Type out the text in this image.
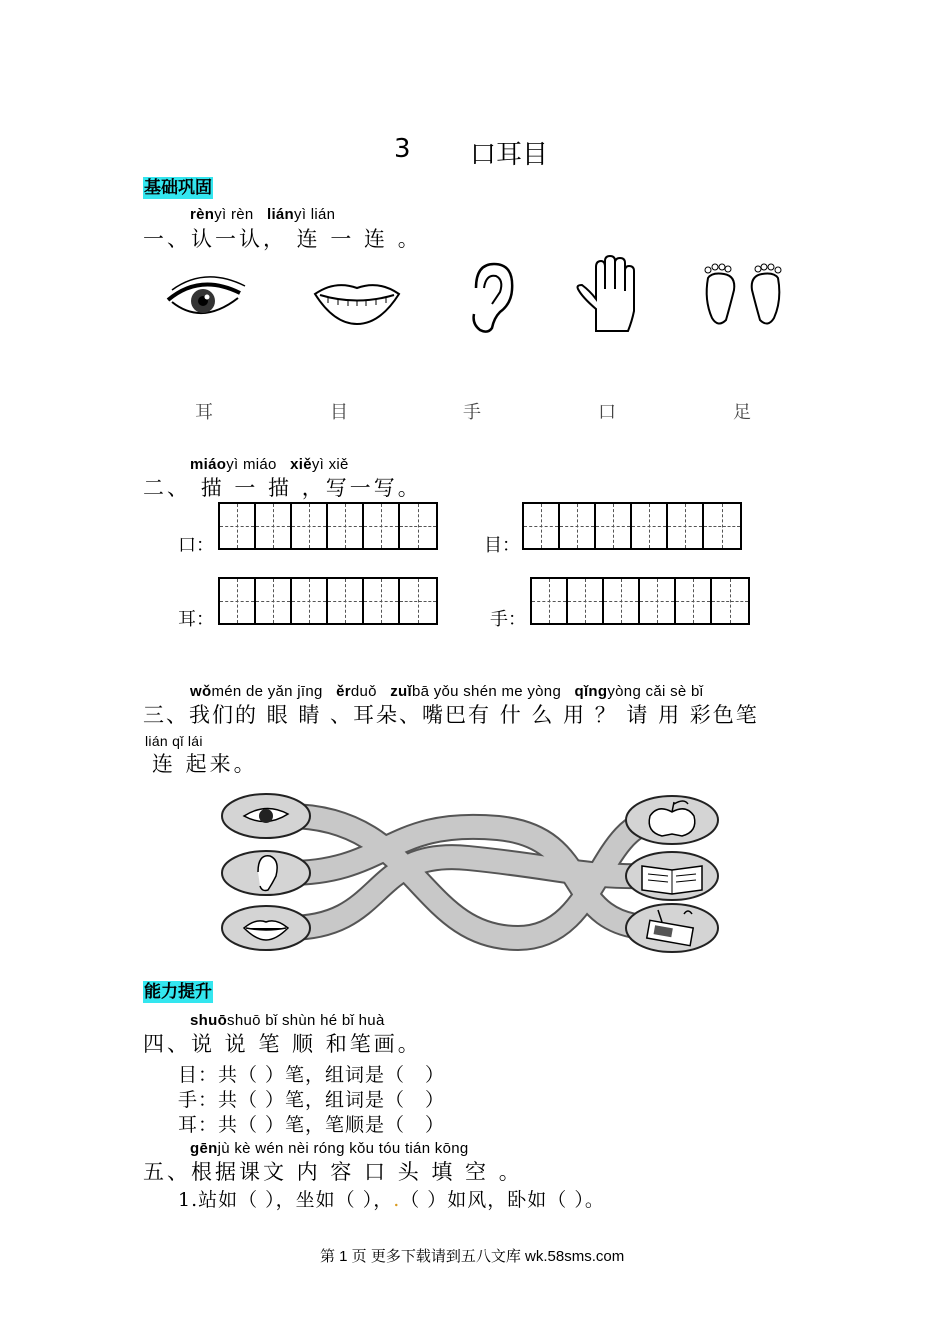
3 口耳目
基础巩固
rènyì rèn liányì lián
一、认一认， 连 一 连 。
耳	目	手	口	足
miáoyì miáo xiěyì xiě
二、 描 一 描 ，写一写。
口：	目：
耳：	手：
wǒmén de yǎn jīng ěrduǒ zuǐbā yǒu shén me yòng qǐngyòng cǎi sè bǐ
三、我们的 眼 睛 、耳朵、嘴巴有 什 么 用 ？ 请 用 彩色笔
lián qǐ lái
连 起来。
能力提升
shuōshuō bǐ shùn hé bǐ huà
四、说 说 笔 顺 和笔画。
目：共（ ）笔，组词是（　）
手：共（ ）笔，组词是（　）
耳：共（ ）笔，笔顺是（　）
gēnjù kè wén nèi róng kǒu tóu tián kōng
五、根据课文 内 容 口 头 填 空 。
1.站如（ ），坐如（ ），.（ ）如风，卧如（ ）。
第 1 页 更多下载请到五八文库 wk.58sms.com
